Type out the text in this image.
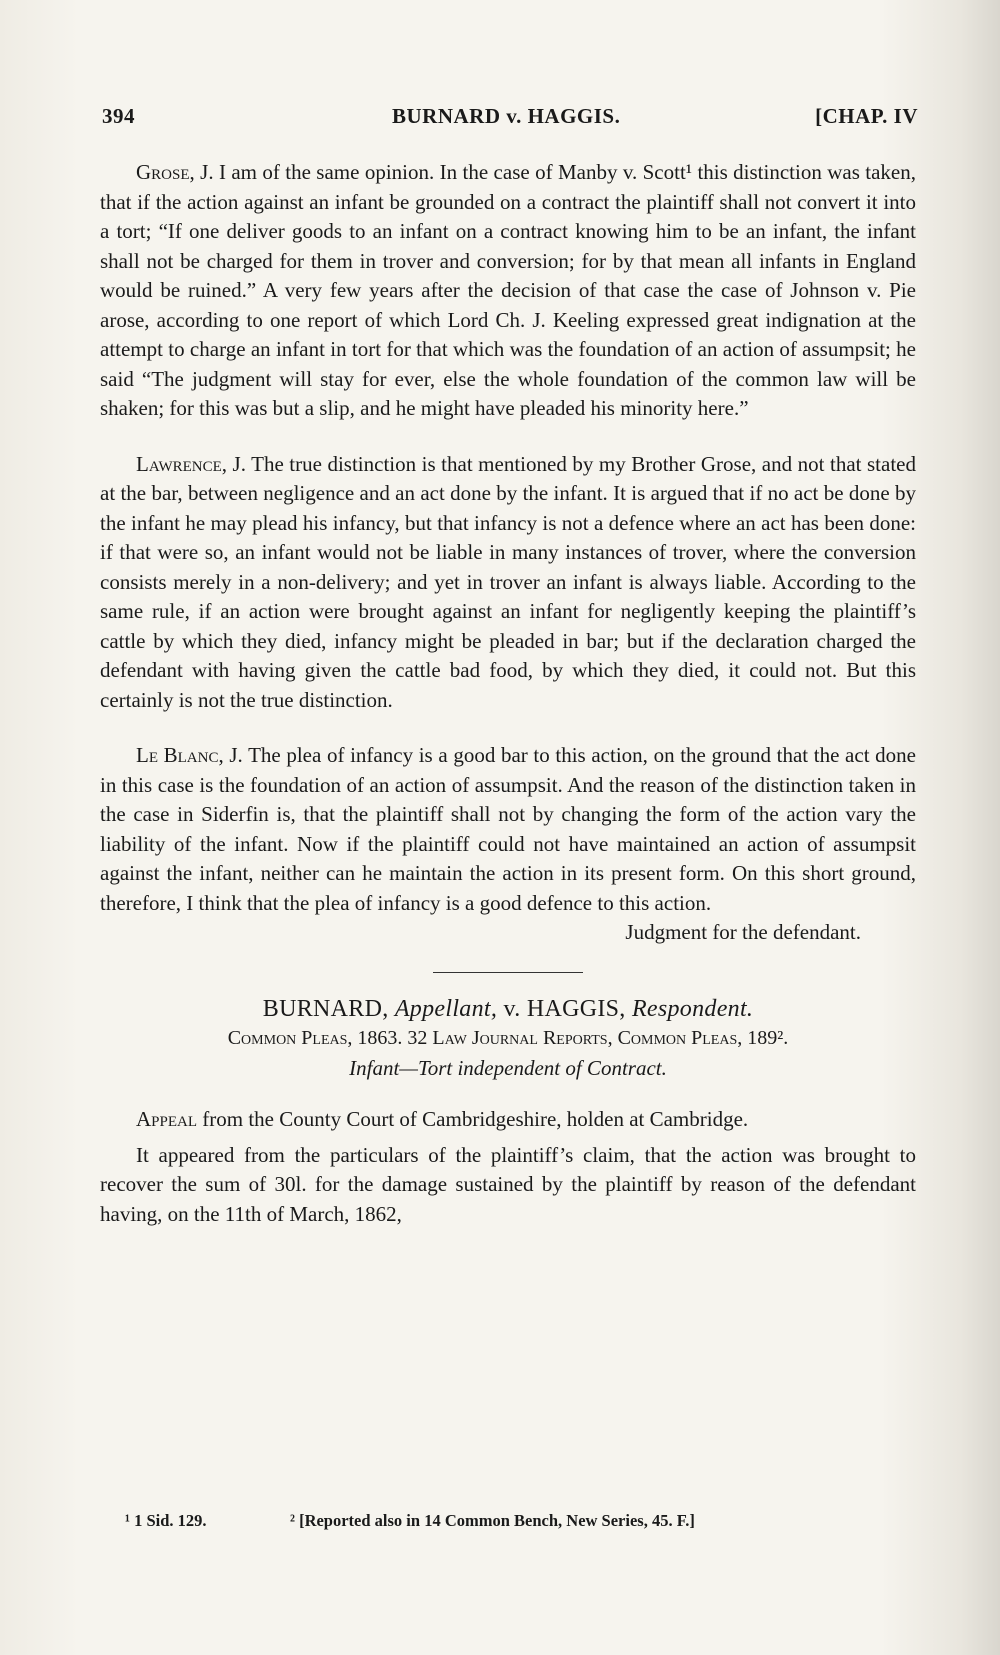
394	BURNARD v. HAGGIS.	[CHAP. IV

Grose, J. I am of the same opinion. In the case of Manby v. Scott¹ this distinction was taken, that if the action against an infant be grounded on a contract the plaintiff shall not convert it into a tort; “If one deliver goods to an infant on a contract knowing him to be an infant, the infant shall not be charged for them in trover and conversion; for by that mean all infants in England would be ruined.” A very few years after the decision of that case the case of Johnson v. Pie arose, according to one report of which Lord Ch. J. Keeling expressed great indignation at the attempt to charge an infant in tort for that which was the foundation of an action of assumpsit; he said “The judgment will stay for ever, else the whole foundation of the common law will be shaken; for this was but a slip, and he might have pleaded his minority here.”

Lawrence, J. The true distinction is that mentioned by my Brother Grose, and not that stated at the bar, between negligence and an act done by the infant. It is argued that if no act be done by the infant he may plead his infancy, but that infancy is not a defence where an act has been done: if that were so, an infant would not be liable in many instances of trover, where the conversion consists merely in a non-delivery; and yet in trover an infant is always liable. According to the same rule, if an action were brought against an infant for negligently keeping the plaintiff’s cattle by which they died, infancy might be pleaded in bar; but if the declaration charged the defendant with having given the cattle bad food, by which they died, it could not. But this certainly is not the true distinction.

Le Blanc, J. The plea of infancy is a good bar to this action, on the ground that the act done in this case is the foundation of an action of assumpsit. And the reason of the distinction taken in the case in Siderfin is, that the plaintiff shall not by changing the form of the action vary the liability of the infant. Now if the plaintiff could not have maintained an action of assumpsit against the infant, neither can he maintain the action in its present form. On this short ground, therefore, I think that the plea of infancy is a good defence to this action.

Judgment for the defendant.

BURNARD, Appellant, v. HAGGIS, Respondent.

Common Pleas, 1863. 32 Law Journal Reports, Common Pleas, 189².

Infant—Tort independent of Contract.

Appeal from the County Court of Cambridgeshire, holden at Cambridge.

It appeared from the particulars of the plaintiff’s claim, that the action was brought to recover the sum of 30l. for the damage sustained by the plaintiff by reason of the defendant having, on the 11th of March, 1862,

¹ 1 Sid. 129.	² [Reported also in 14 Common Bench, New Series, 45. F.]
